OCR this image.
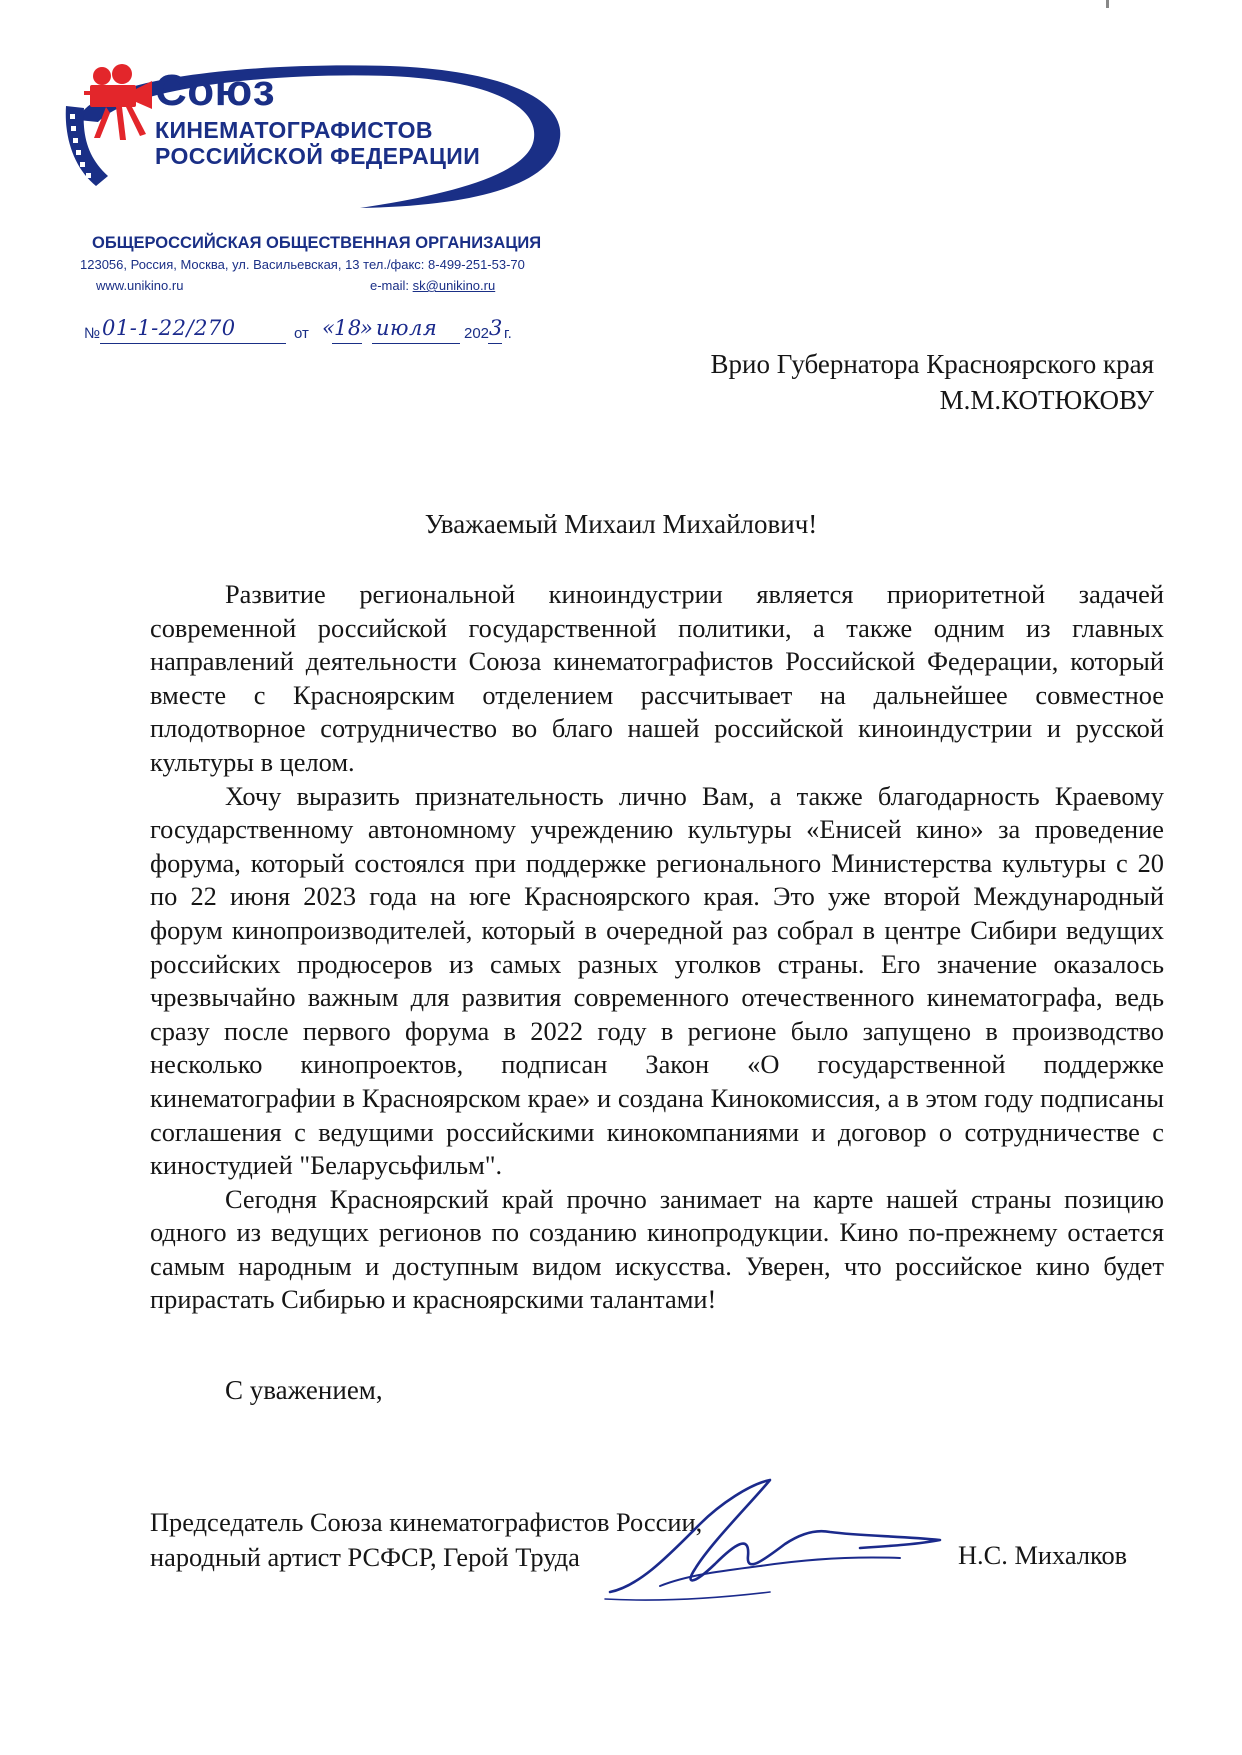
Союз
КИНЕМАТОГРАФИСТОВ
РОССИЙСКОЙ ФЕДЕРАЦИИ
ОБЩЕРОССИЙСКАЯ ОБЩЕСТВЕННАЯ ОРГАНИЗАЦИЯ
123056, Россия, Москва, ул. Васильевская, 13 тел./факс: 8-499-251-53-70
www.unikino.ru	e-mail: sk@unikino.ru
№ 01-1-22/270	от «
18
» июля 202 3 г.
Врио Губернатора Красноярского края
М.М.КОТЮКОВУ
Уважаемый Михаил Михайлович!

Развитие региональной киноиндустрии является приоритетной задачей современной российской государственной политики, а также одним из главных направлений деятельности Союза кинематографистов Российской Федерации, который вместе с Красноярским отделением рассчитывает на дальнейшее совместное плодотворное сотрудничество во благо нашей российской киноиндустрии и русской культуры в целом.

Хочу выразить признательность лично Вам, а также благодарность Краевому государственному автономному учреждению культуры «Енисей кино» за проведение форума, который состоялся при поддержке регионального Министерства культуры с 20 по 22 июня 2023 года на юге Красноярского края. Это уже второй Международный форум кинопроизводителей, который в очередной раз собрал в центре Сибири ведущих российских продюсеров из самых разных уголков страны. Его значение оказалось чрезвычайно важным для развития современного отечественного кинематографа, ведь сразу после первого форума в 2022 году в регионе было запущено в производство несколько кинопроектов, подписан Закон «О государственной поддержке кинематографии в Красноярском крае» и создана Кинокомиссия, а в этом году подписаны соглашения с ведущими российскими кинокомпаниями и договор о сотрудничестве с киностудией "Беларусьфильм".

Сегодня Красноярский край прочно занимает на карте нашей страны позицию одного из ведущих регионов по созданию кинопродукции. Кино по-прежнему остается самым народным и доступным видом искусства. Уверен, что российское кино будет прирастать Сибирью и красноярскими талантами!

С уважением,
Председатель Союза кинематографистов России,
народный артист РСФСР, Герой Труда	Н.С. Михалков
